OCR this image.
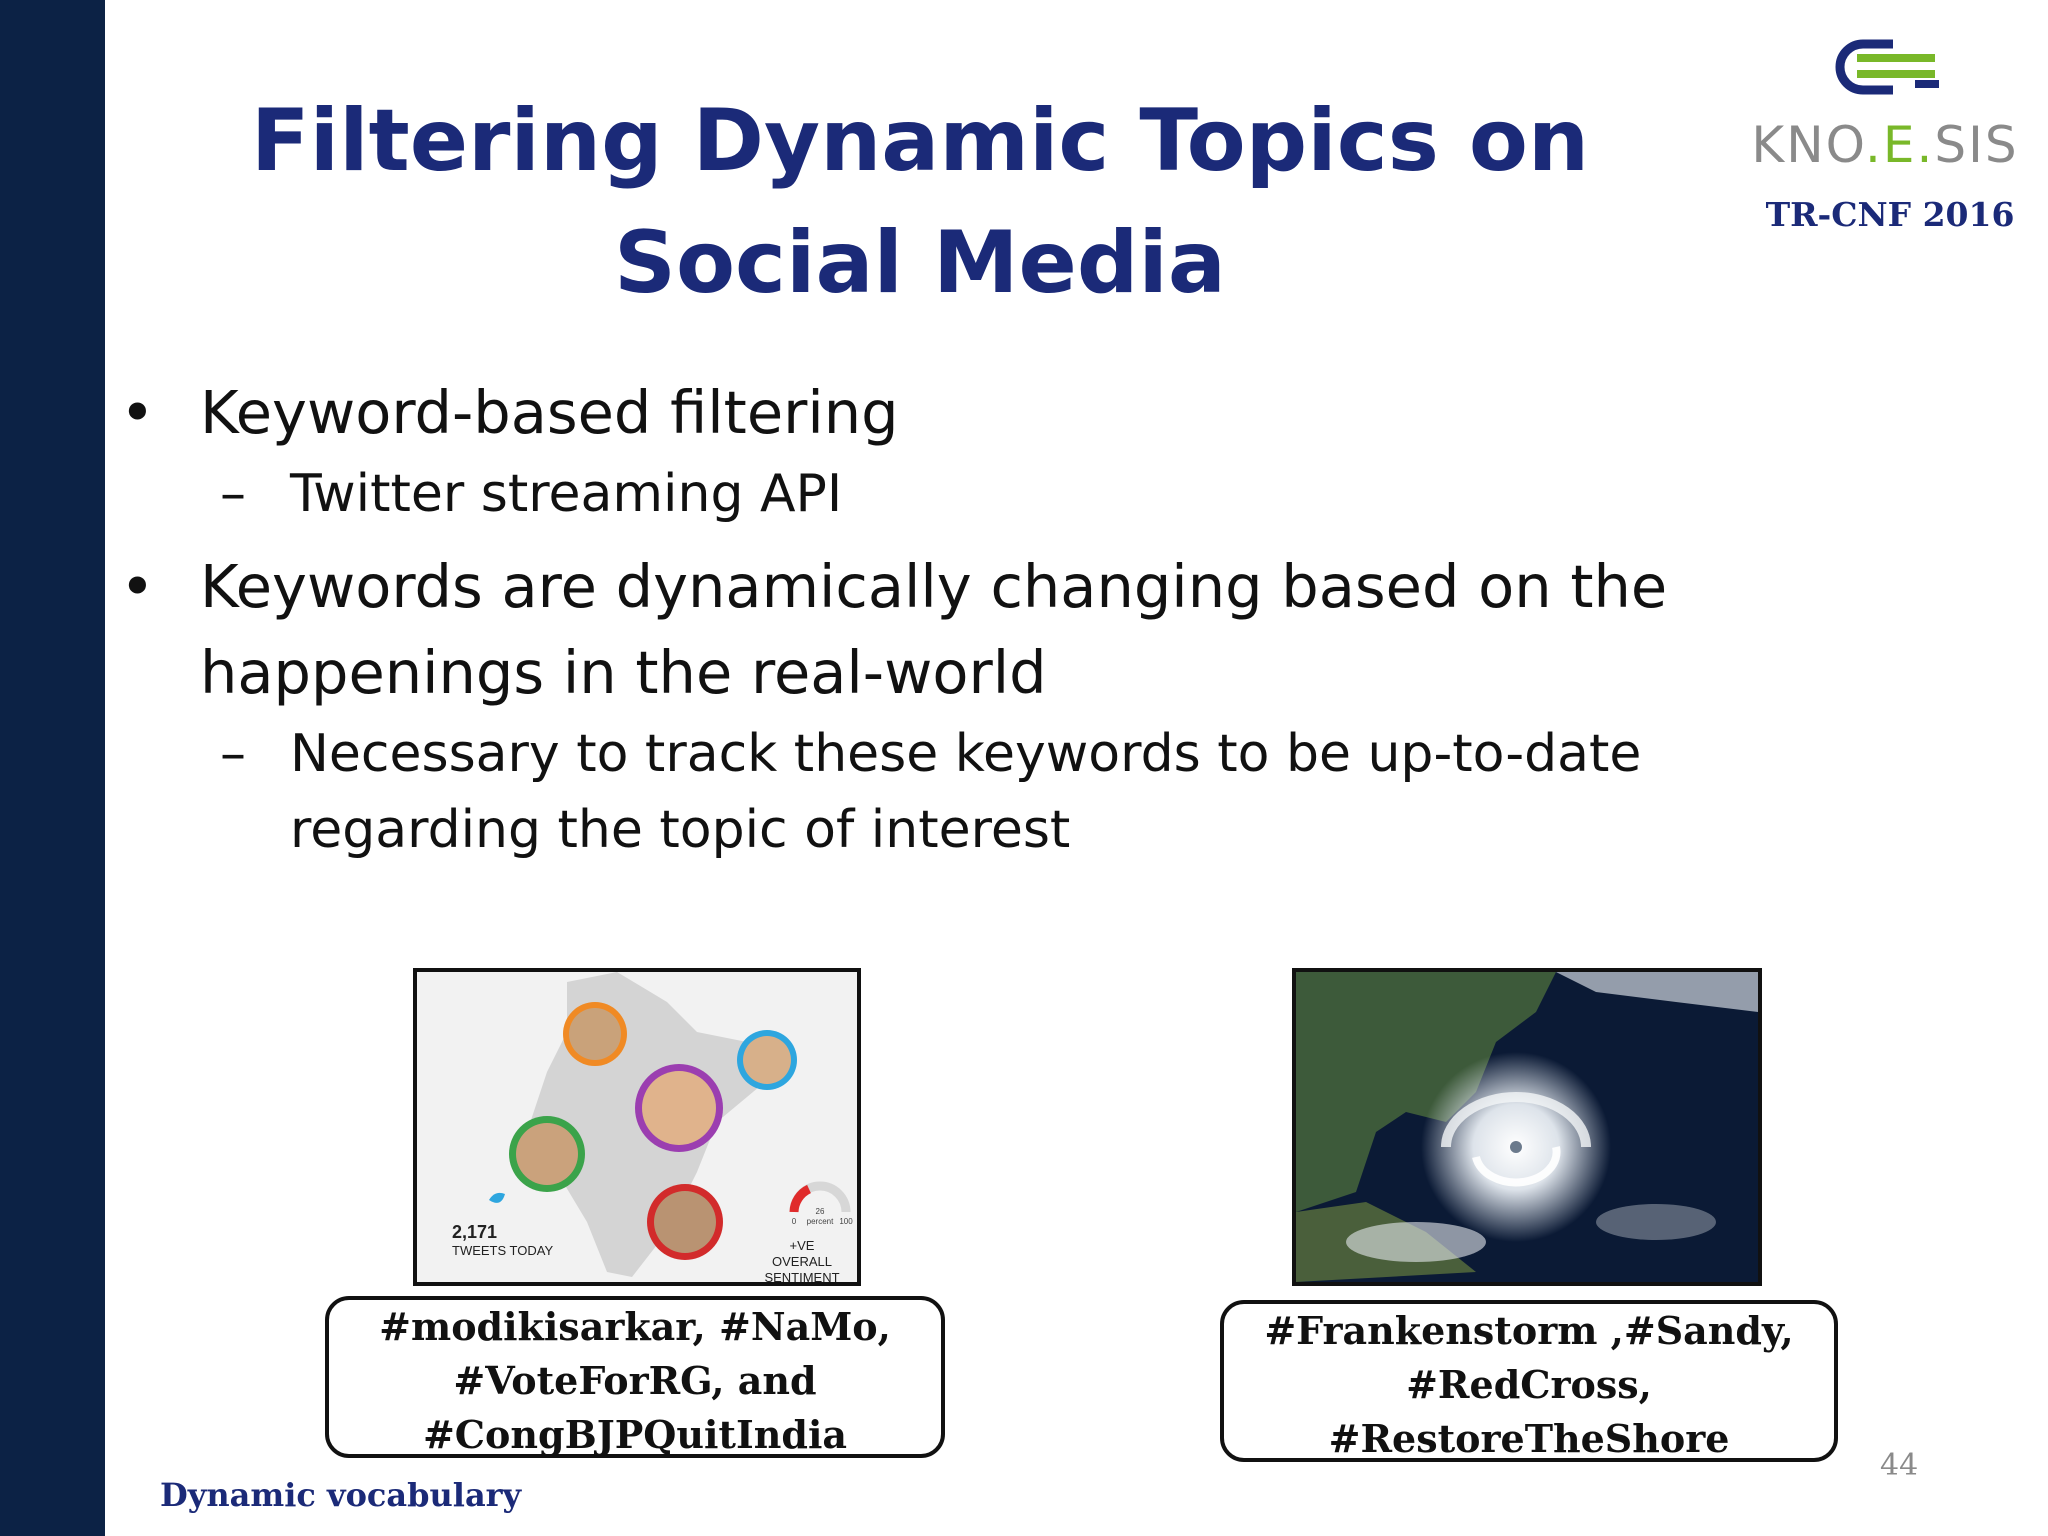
Filtering Dynamic Topics on Social Media
KNO.E.SIS
TR-CNF 2016
• Keyword-based filtering
– Twitter streaming API
• Keywords are dynamically changing based on the happenings in the real-world
– Necessary to track these keywords to be up-to-date regarding the topic of interest
26
0 percent 100
2,171
TWEETS TODAY	+VE
OVERALL
SENTIMENT
#modikisarkar, #NaMo,
#VoteForRG, and
#CongBJPQuitIndia
#Frankenstorm ,#Sandy,
#RedCross,
#RestoreTheShore
Dynamic vocabulary
44
